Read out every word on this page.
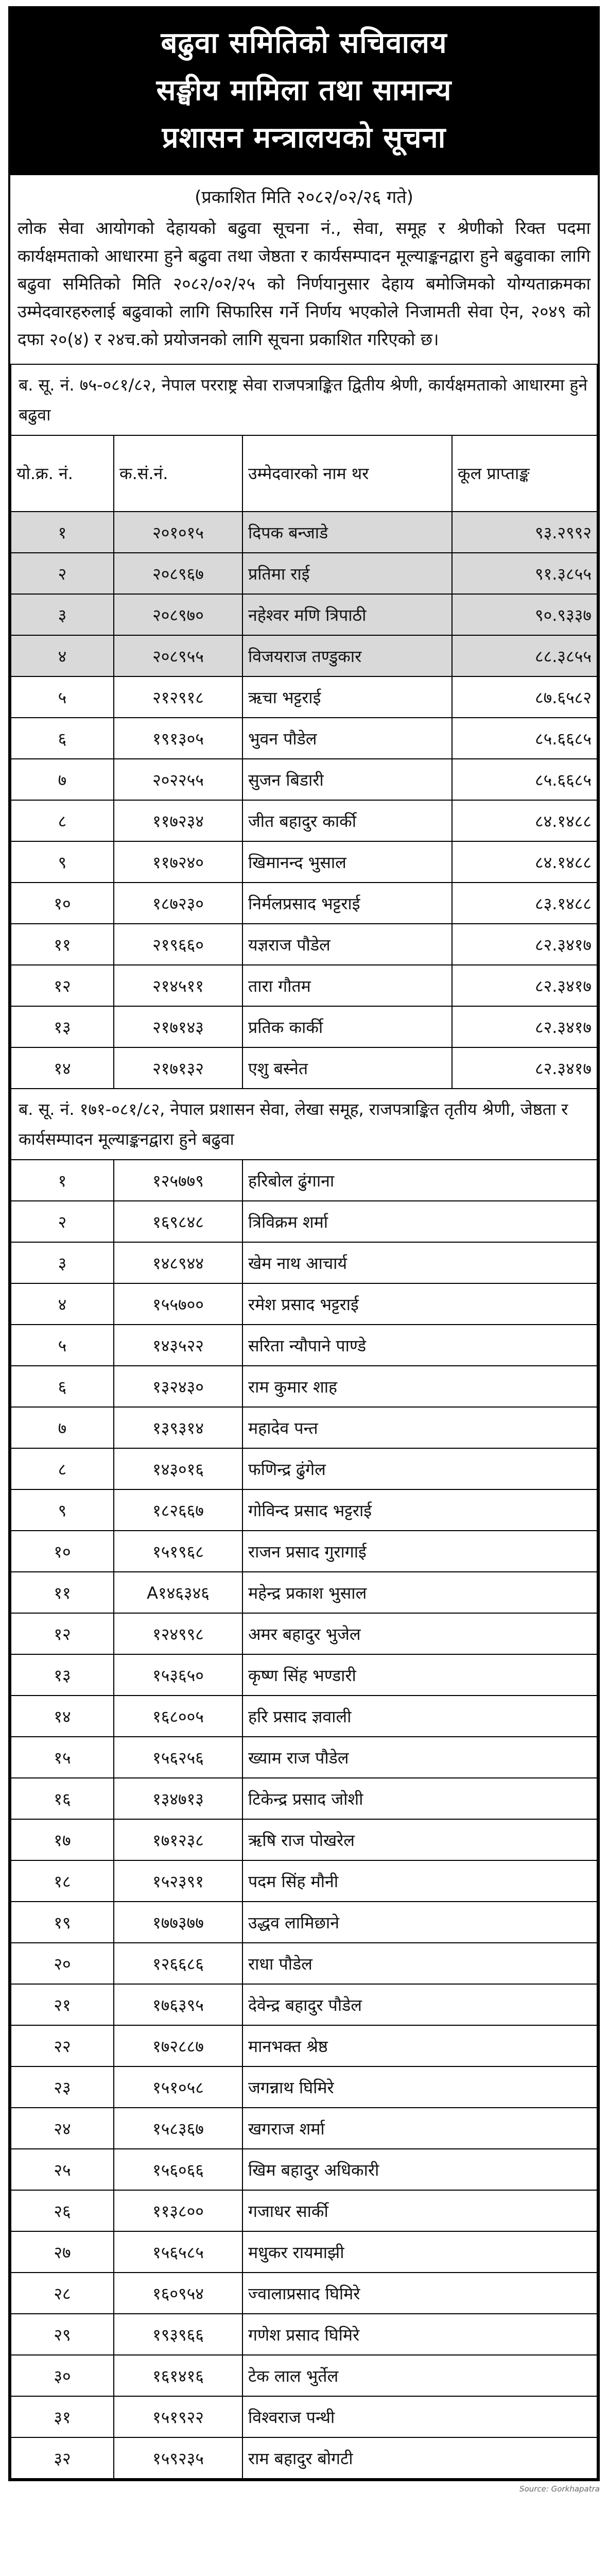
बढुवा समितिको सचिवालय
सङ्घीय मामिला तथा सामान्य
प्रशासन मन्त्रालयको सूचना
(प्रकाशित मिति २०८२/०२/२६ गते)
लोक सेवा आयोगको देहायको बढुवा सूचना नं., सेवा, समूह र श्रेणीको रिक्त पदमा कार्यक्षमताको आधारमा हुने बढुवा तथा जेष्ठता र कार्यसम्पादन मूल्याङ्कनद्वारा हुने बढुवाका लागि बढुवा समितिको मिति २०८२/०२/२५ को निर्णयानुसार देहाय बमोजिमको योग्यताक्रमका उम्मेदवारहरुलाई बढुवाको लागि सिफारिस गर्ने निर्णय भएकोले निजामती सेवा ऐन, २०४९ को दफा २०(४) र २४च.को प्रयोजनको लागि सूचना प्रकाशित गरिएको छ।
ब. सू. नं. ७५-०८१/८२, नेपाल परराष्ट्र सेवा राजपत्राङ्कित द्वितीय श्रेणी, कार्यक्षमताको आधारमा हुने बढुवा			
यो.क्र. नं.	क.सं.नं.	उम्मेदवारको नाम थर	कूल प्राप्ताङ्क
१	२०१०१५	दिपक बन्जाडे	९३.२९९२
२	२०८९६७	प्रतिमा राई	९१.३८५५
३	२०८९७०	नहेश्वर मणि त्रिपाठी	९०.९३३७
४	२०८९५५	विजयराज तण्डुकार	८८.३८५५
५	२१२९१८	ऋचा भट्टराई	८७.६५८२
६	१९१३०५	भुवन पौडेल	८५.६६८५
७	२०२२५५	सुजन बिडारी	८५.६६८५
८	११७२३४	जीत बहादुर कार्की	८४.१४८८
९	११७२४०	खिमानन्द भुसाल	८४.१४८८
१०	१८७२३०	निर्मलप्रसाद भट्टराई	८३.१४८८
११	२१९६६०	यज्ञराज पौडेल	८२.३४१७
१२	२१४५११	तारा गौतम	८२.३४१७
१३	२१७१४३	प्रतिक कार्की	८२.३४१७
१४	२१७१३२	एशु बस्नेत	८२.३४१७
ब. सू. नं. १७१-०८१/८२, नेपाल प्रशासन सेवा, लेखा समूह, राजपत्राङ्कित तृतीय श्रेणी, जेष्ठता र कार्यसम्पादन मूल्याङ्कनद्वारा हुने बढुवा			
१	१२५७७९	हरिबोल ढुंगाना	
२	१६९८४८	त्रिविक्रम शर्मा	
३	१४८९४४	खेम नाथ आचार्य	
४	१५५७००	रमेश प्रसाद भट्टराई	
५	१४३५२२	सरिता न्यौपाने पाण्डे	
६	१३२४३०	राम कुमार शाह	
७	१३९३१४	महादेव पन्त	
८	१४३०१६	फणिन्द्र ढुंगेल	
९	१८२६६७	गोविन्द प्रसाद भट्टराई	
१०	१५१९६८	राजन प्रसाद गुरागाई	
११	A१४६३४६	महेन्द्र प्रकाश भुसाल	
१२	१२४९९८	अमर बहादुर भुजेल	
१३	१५३६५०	कृष्ण सिंह भण्डारी	
१४	१६८००५	हरि प्रसाद ज्ञवाली	
१५	१५६२५६	ख्याम राज पौडेल	
१६	१३४७१३	टिकेन्द्र प्रसाद जोशी	
१७	१७१२३८	ऋषि राज पोखरेल	
१८	१५२३९१	पदम सिंह मौनी	
१९	१७७३७७	उद्धव लामिछाने	
२०	१२६६८६	राधा पौडेल	
२१	१७६३९५	देवेन्द्र बहादुर पौडेल	
२२	१७२८८७	मानभक्त श्रेष्ठ	
२३	१५१०५८	जगन्नाथ घिमिरे	
२४	१५८३६७	खगराज शर्मा	
२५	१५६०६६	खिम बहादुर अधिकारी	
२६	११३८००	गजाधर सार्की	
२७	१५६५८५	मधुकर रायमाझी	
२८	१६०९५४	ज्वालाप्रसाद घिमिरे	
२९	१९३९६६	गणेश प्रसाद घिमिरे	
३०	१६१४१६	टेक लाल भुर्तेल	
३१	१५१९२२	विश्वराज पन्थी	
३२	१५९२३५	राम बहादुर बोगटी	
Source: Gorkhapatra
